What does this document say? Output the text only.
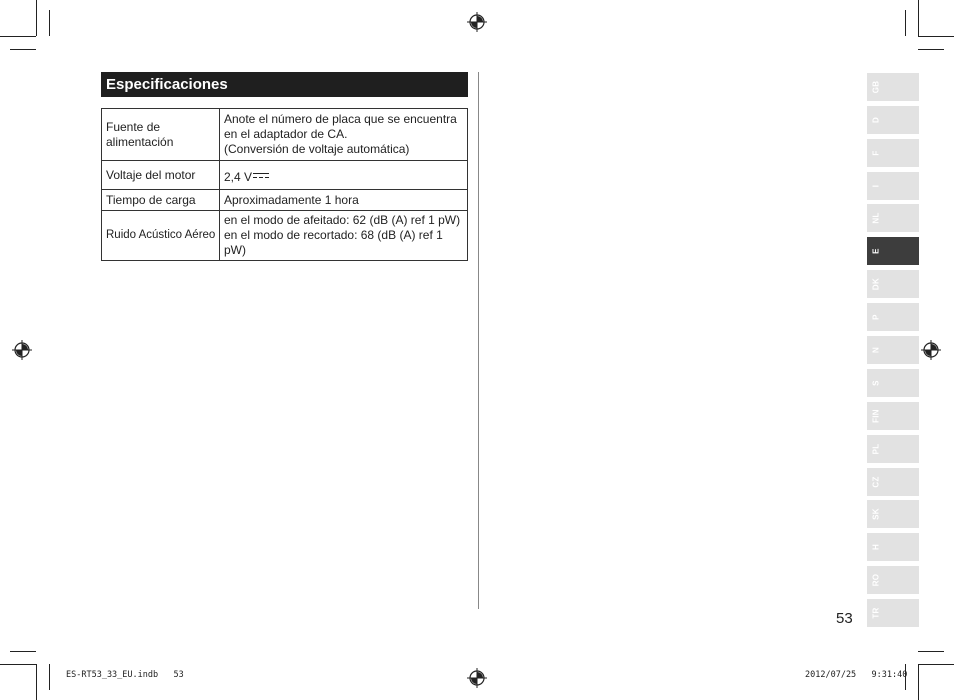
Especificaciones
Fuente de alimentación	Anote el número de placa que se encuentra
en el adaptador de CA.
(Conversión de voltaje automática)

Voltaje del motor	2,4 V
Tiempo de carga	Aproximadamente 1 hora
Ruido Acústico Aéreo	en el modo de afeitado: 62 (dB (A) ref 1 pW)
en el modo de recortado: 68 (dB (A) ref 1 pW)
GB
D
F
I
NL
E
DK
P
N
S
FIN
PL
CZ
SK
H
RO
TR
53
ES-RT53_33_EU.indb   53	2012/07/25   9:31:40
